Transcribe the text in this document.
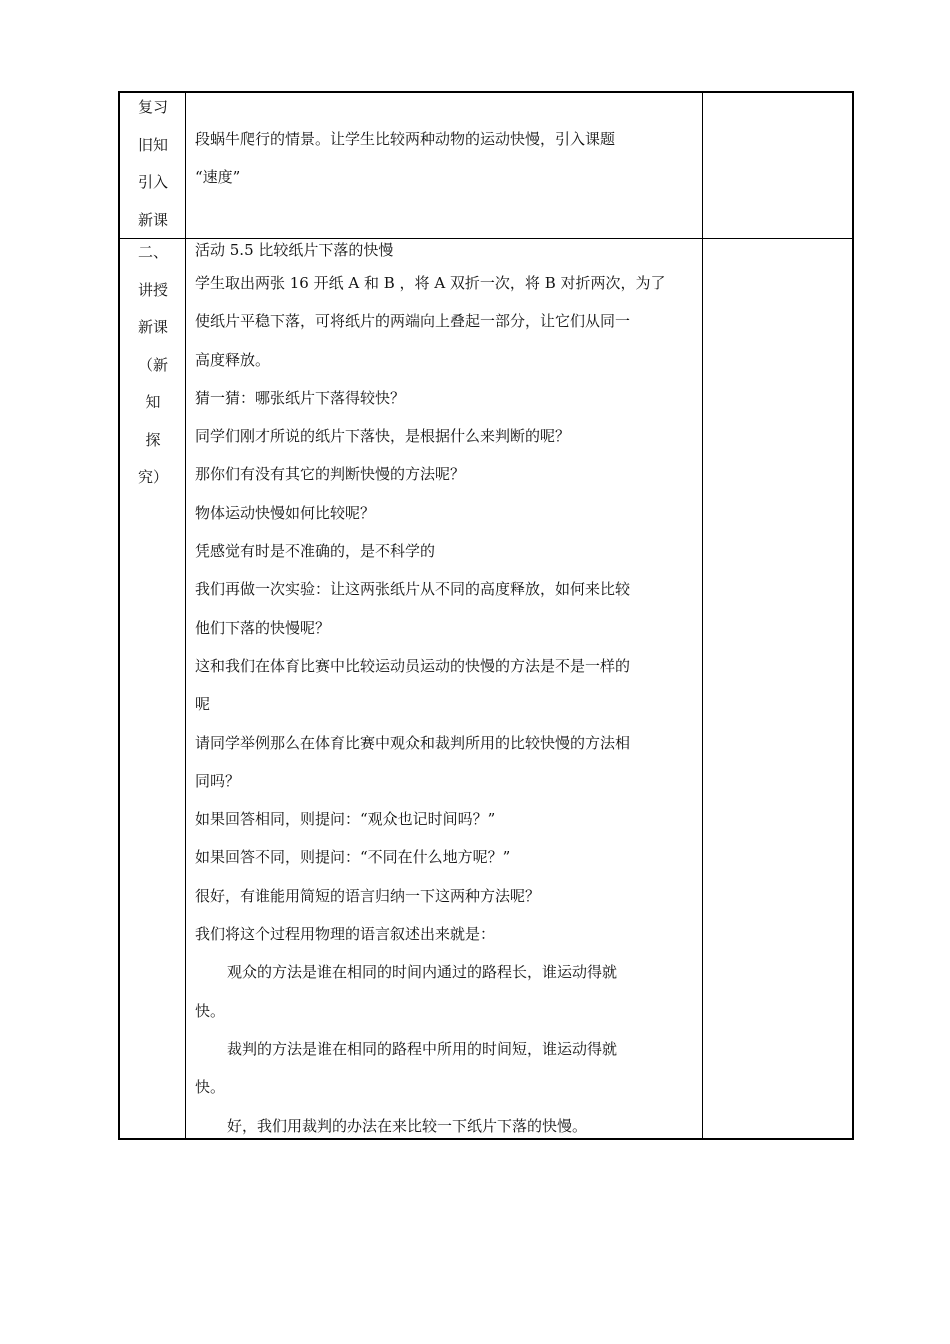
复习
旧知
引入
新课

段蜗牛爬行的情景。让学生比较两种动物的运动快慢，引入课题

“速度”

二、
讲授
新课
（新
知
探
究）

活动 5.5 比较纸片下落的快慢

学生取出两张 16 开纸 A 和 B ，将 A 双折一次，将 B 对折两次，为了

使纸片平稳下落，可将纸片的两端向上叠起一部分，让它们从同一

高度释放。

猜一猜：哪张纸片下落得较快？

同学们刚才所说的纸片下落快，是根据什么来判断的呢？

那你们有没有其它的判断快慢的方法呢？

物体运动快慢如何比较呢？

凭感觉有时是不准确的，是不科学的

我们再做一次实验：让这两张纸片从不同的高度释放，如何来比较

他们下落的快慢呢？

这和我们在体育比赛中比较运动员运动的快慢的方法是不是一样的

呢

请同学举例那么在体育比赛中观众和裁判所用的比较快慢的方法相

同吗？

如果回答相同，则提问：“观众也记时间吗？”

如果回答不同，则提问：“不同在什么地方呢？”

很好，有谁能用简短的语言归纳一下这两种方法呢？

我们将这个过程用物理的语言叙述出来就是：

观众的方法是谁在相同的时间内通过的路程长，谁运动得就

快。

裁判的方法是谁在相同的路程中所用的时间短，谁运动得就

快。

好，我们用裁判的办法在来比较一下纸片下落的快慢。
